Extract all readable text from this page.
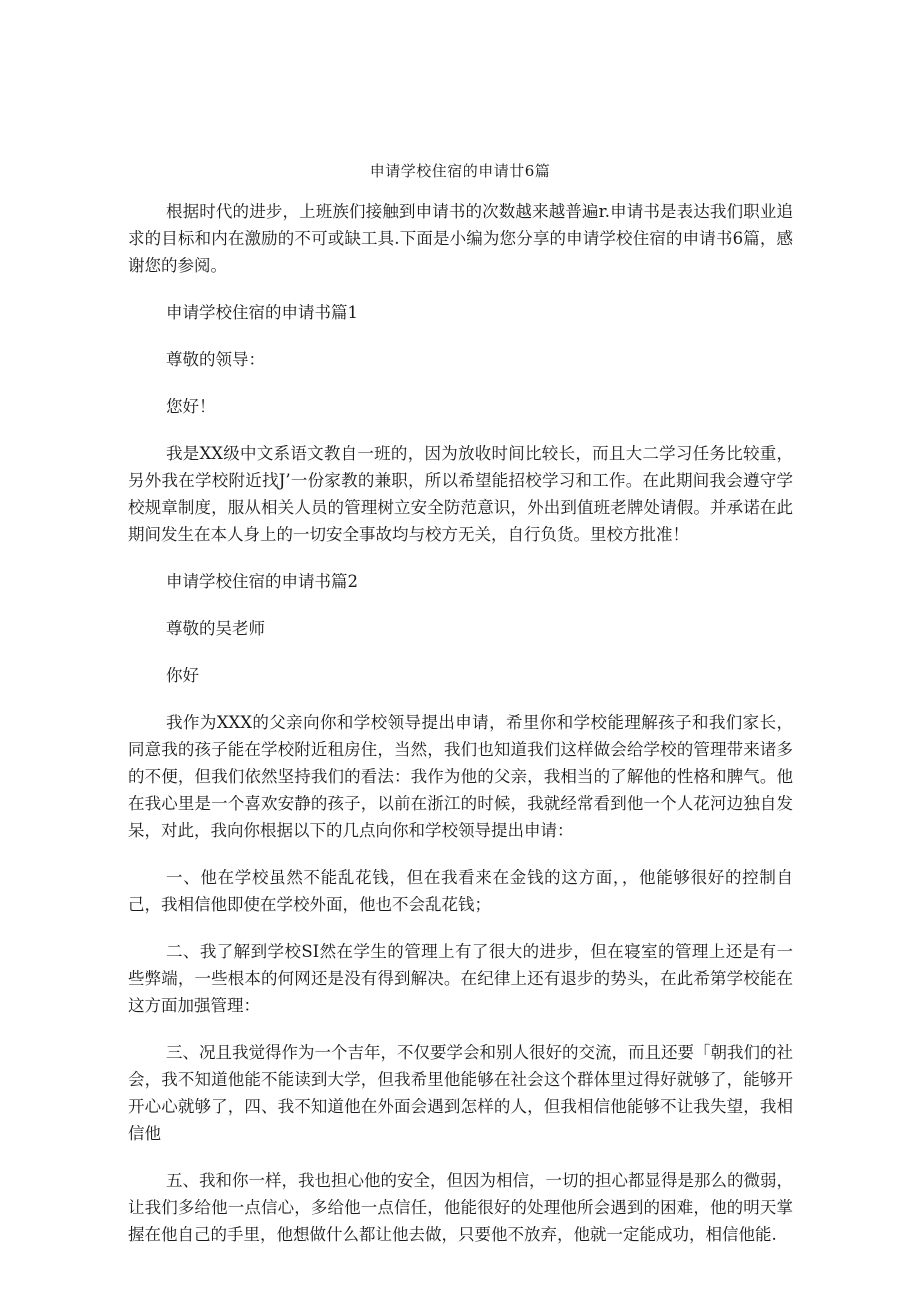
申请学校住宿的申请廿6篇

根据时代的进步，上班族们接触到申请书的次数越来越普遍r.申请书是表达我们职业追求的目标和内在激励的不可或缺工具.下面是小编为您分享的申请学校住宿的申请书6篇，感谢您的参阅。

申请学校住宿的申请书篇1

尊敬的领导：

您好！

我是XX级中文系语文教自一班的，因为放收时间比较长，而且大二学习任务比较重，另外我在学校附近找J’一份家教的兼职，所以希望能招校学习和工作。在此期间我会遵守学校规章制度，服从相关人员的管理树立安全防范意识，外出到值班老牌处请假。并承诺在此期间发生在本人身上的一切安全事故均与校方无关，自行负货。里校方批准！

申请学校住宿的申请书篇2

尊敬的吴老师

你好

我作为XXX的父亲向你和学校领导提出申请，希里你和学校能理解孩子和我们家长，同意我的孩子能在学校附近租房住，当然，我们也知道我们这样做会给学校的管理带来诸多的不便，但我们依然坚持我们的看法：我作为他的父亲，我相当的了解他的性格和脾气。他在我心里是一个喜欢安静的孩子，以前在浙江的时候，我就经常看到他一个人花河边独自发呆，对此，我向你根据以下的几点向你和学校领导提出申请：

一、他在学校虽然不能乱花钱，但在我看来在金钱的这方面，，他能够很好的控制自己，我相信他即使在学校外面，他也不会乱花钱；

二、我了解到学校SI然在学生的管理上有了很大的进步，但在寝室的管理上还是有一些弊端，一些根本的何网还是没有得到解决。在纪律上还有退步的势头，在此希第学校能在这方面加强管理：

三、况且我觉得作为一个吉年，不仅要学会和别人很好的交流，而且还要「朝我们的社会，我不知道他能不能读到大学，但我希里他能够在社会这个群体里过得好就够了，能够开开心心就够了，四、我不知道他在外面会遇到怎样的人，但我相信他能够不让我失望，我相信他

五、我和你一样，我也担心他的安全，但因为相信，一切的担心都显得是那么的微弱，让我们多给他一点信心，多给他一点信任，他能很好的处理他所会遇到的困难，他的明天掌握在他自己的手里，他想做什么都让他去做，只要他不放弃，他就一定能成功，相信他能.
